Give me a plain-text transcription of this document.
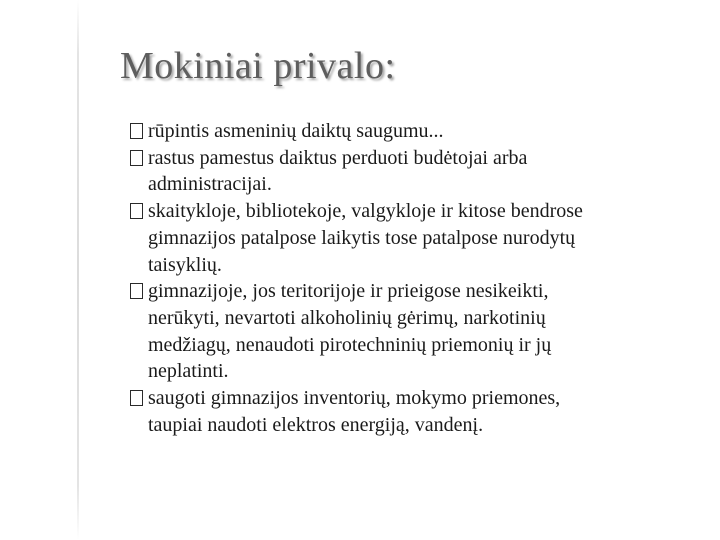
Mokiniai privalo:
rūpintis asmeninių daiktų saugumu...
rastus pamestus daiktus perduoti budėtojai arba
administracijai.
skaitykloje, bibliotekoje, valgykloje ir kitose bendrose
gimnazijos patalpose laikytis tose patalpose nurodytų
taisyklių.
gimnazijoje, jos teritorijoje ir prieigose nesikeikti,
nerūkyti, nevartoti alkoholinių gėrimų, narkotinių
medžiagų, nenaudoti pirotechninių priemonių ir jų
neplatinti.
saugoti gimnazijos inventorių, mokymo priemones,
taupiai naudoti elektros energiją, vandenį.
